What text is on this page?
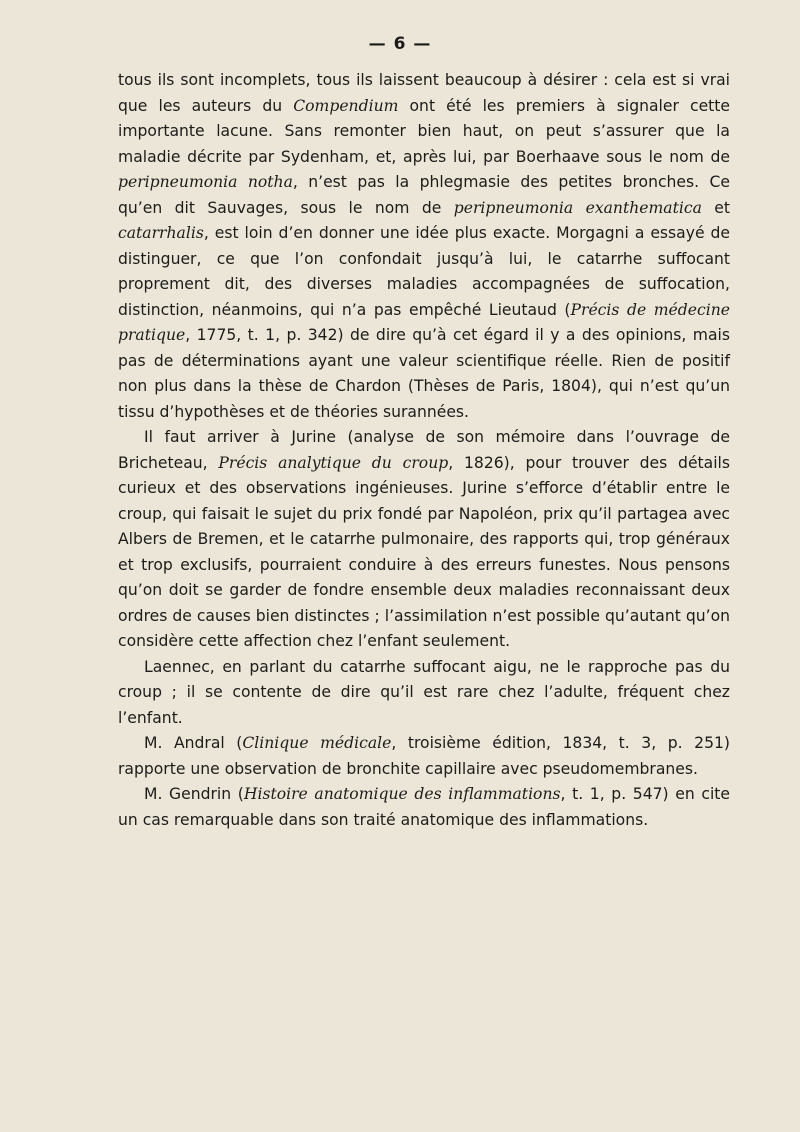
— 6 —

tous ils sont incomplets, tous ils laissent beaucoup à désirer : cela est si vrai que les auteurs du Compendium ont été les premiers à signaler cette importante lacune. Sans remonter bien haut, on peut s’assurer que la maladie décrite par Sydenham, et, après lui, par Boerhaave sous le nom de peripneumonia notha, n’est pas la phlegmasie des petites bronches. Ce qu’en dit Sauvages, sous le nom de peripneumonia exanthematica et catarrhalis, est loin d’en donner une idée plus exacte. Morgagni a essayé de distinguer, ce que l’on confondait jusqu’à lui, le catarrhe suffocant proprement dit, des diverses maladies accompagnées de suffocation, distinction, néanmoins, qui n’a pas empêché Lieutaud (Précis de médecine pratique, 1775, t. 1, p. 342) de dire qu’à cet égard il y a des opinions, mais pas de déterminations ayant une valeur scientifique réelle. Rien de positif non plus dans la thèse de Chardon (Thèses de Paris, 1804), qui n’est qu’un tissu d’hypothèses et de théories surannées.

Il faut arriver à Jurine (analyse de son mémoire dans l’ouvrage de Bricheteau, Précis analytique du croup, 1826), pour trouver des détails curieux et des observations ingénieuses. Jurine s’efforce d’établir entre le croup, qui faisait le sujet du prix fondé par Napoléon, prix qu’il partagea avec Albers de Bremen, et le catarrhe pulmonaire, des rapports qui, trop généraux et trop exclusifs, pourraient conduire à des erreurs funestes. Nous pensons qu’on doit se garder de fondre ensemble deux maladies reconnaissant deux ordres de causes bien distinctes ; l’assimilation n’est possible qu’autant qu’on considère cette affection chez l’enfant seulement.

Laennec, en parlant du catarrhe suffocant aigu, ne le rapproche pas du croup ; il se contente de dire qu’il est rare chez l’adulte, fréquent chez l’enfant.

M. Andral (Clinique médicale, troisième édition, 1834, t. 3, p. 251) rapporte une observation de bronchite capillaire avec pseudomembranes.

M. Gendrin (Histoire anatomique des inflammations, t. 1, p. 547) en cite un cas remarquable dans son traité anatomique des inflammations.
